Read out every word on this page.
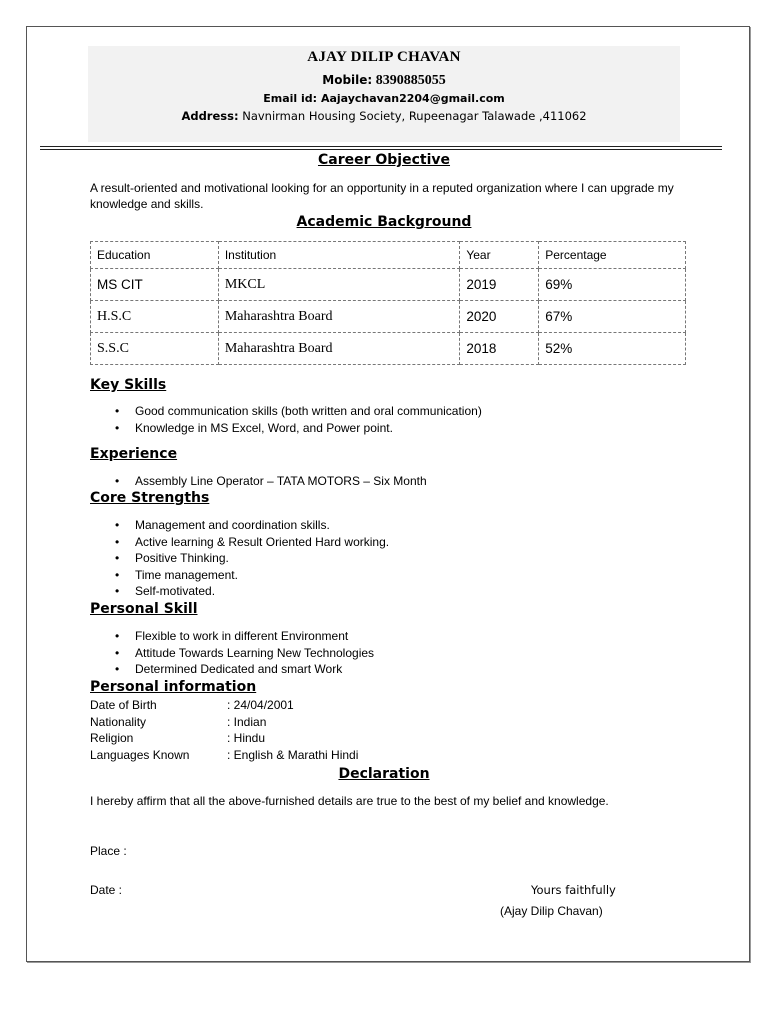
AJAY DILIP CHAVAN
Mobile: 8390885055
Email id: Aajaychavan2204@gmail.com
Address: Navnirman Housing Society, Rupeenagar Talawade ,411062
Career Objective
A result-oriented and motivational looking for an opportunity in a reputed organization where I can upgrade my knowledge and skills.
Academic Background
Education	Institution	Year	Percentage
MS CIT	MKCL	2019	69%
H.S.C	Maharashtra Board	2020	67%
S.S.C	Maharashtra Board	2018	52%
Key Skills
• Good communication skills (both written and oral communication)
• Knowledge in MS Excel, Word, and Power point.
Experience
• Assembly Line Operator – TATA MOTORS – Six Month
Core Strengths
• Management and coordination skills.
• Active learning & Result Oriented Hard working.
• Positive Thinking.
• Time management.
• Self-motivated.
Personal Skill
• Flexible to work in different Environment
• Attitude Towards Learning New Technologies
• Determined Dedicated and smart Work
Personal information
Date of Birth	: 24/04/2001
Nationality	: Indian
Religion	: Hindu
Languages Known	: English & Marathi Hindi
Declaration
I hereby affirm that all the above-furnished details are true to the best of my belief and knowledge.
Place :
Date :	Yours faithfully
(Ajay Dilip Chavan)
